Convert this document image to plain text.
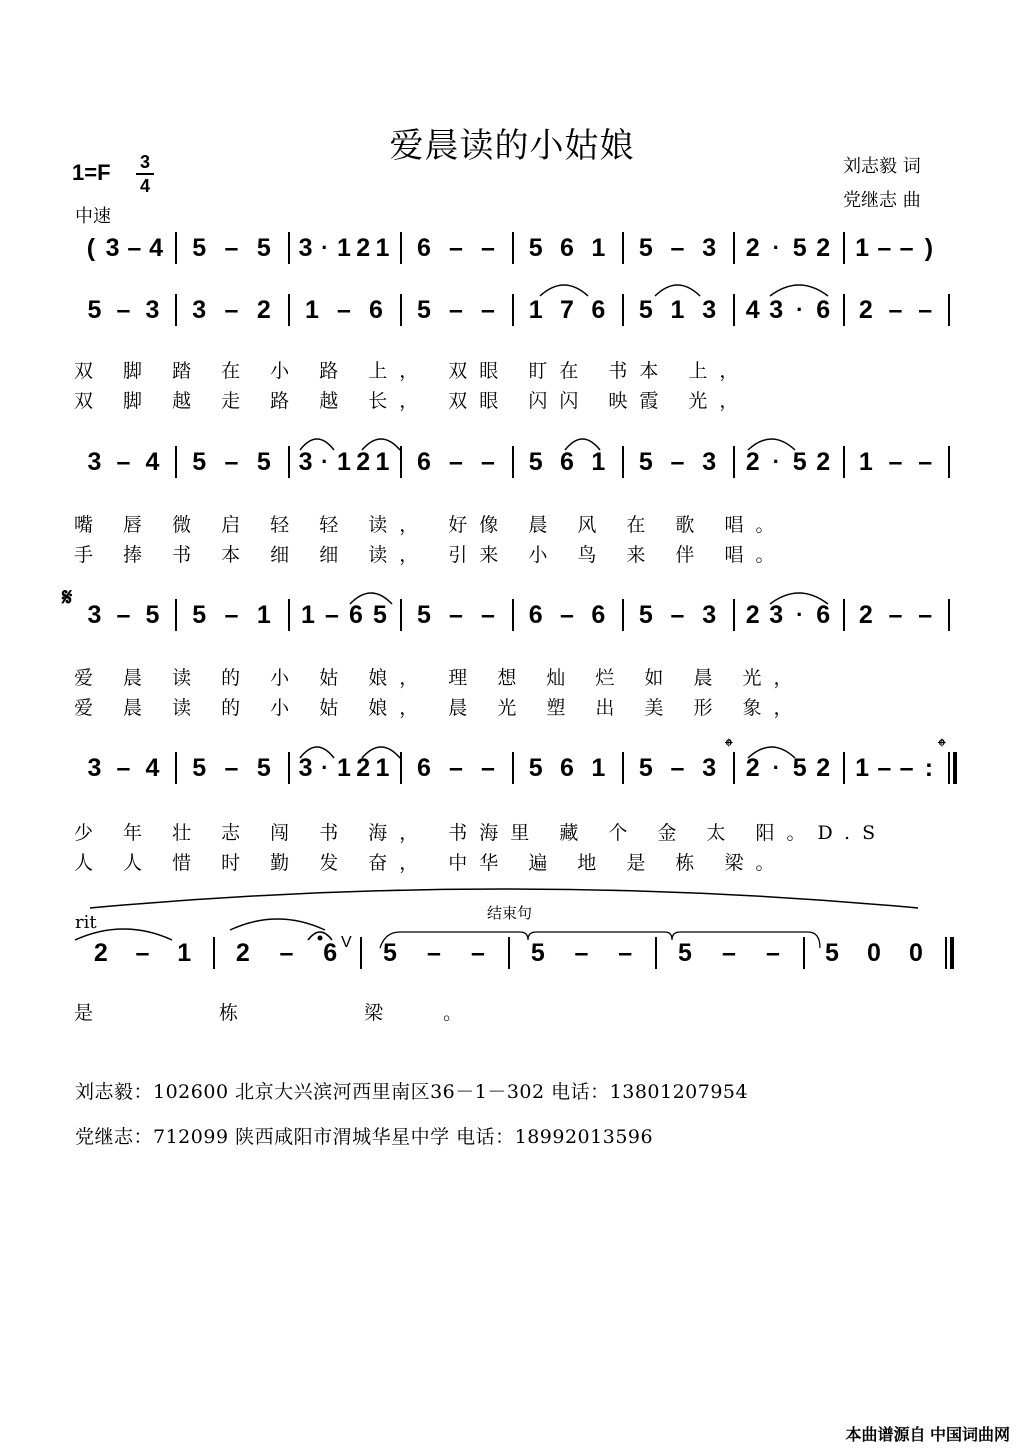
爱晨读的小姑娘
刘志毅 词
党继志 曲
1=F 3
4
中速
( 3 – 4 5 – 5 3 · 1 2 1 6 – – 5 6 1 5 – 3 2 · 5 2 1 – – )
5 – 3 3 – 2 1 – 6 5 – – 1 7 6 5 1 3 4 3 · 6 2 – –
双 脚 踏 在 小 路 上， 双眼 盯在 书本 上，
双 脚 越 走 路 越 长， 双眼 闪闪 映霞 光，
3 – 4 5 – 5 3 · 1 2 1 6 – – 5 6 1 5 – 3 2 · 5 2 1 – –
嘴 唇 微 启 轻 轻 读， 好像 晨 风 在 歌 唱。
手 捧 书 本 细 细 读， 引来 小 鸟 来 伴 唱。
3 – 5 5 – 1 1 – 6 5 5 – – 6 – 6 5 – 3 2 3 · 6 2 – –
爱 晨 读 的 小 姑 娘， 理 想 灿 烂 如 晨 光，
爱 晨 读 的 小 姑 娘， 晨 光 塑 出 美 形 象，
3 – 4 5 – 5 3 · 1 2 1 6 – – 5 6 1 5 – 3 2 · 5 2 1 – – :
少 年 壮 志 闯 书 海， 书海里 藏 个 金 太 阳。D.S
人 人 惜 时 勤 发 奋， 中华 遍 地 是 栋 梁。
2 – 1 2 – 6 5 – – 5 – – 5 – – 5 0 0
是 栋 梁。
𝄋
𝄌	𝄌
rit	结束句
V
刘志毅：102600 北京大兴滨河西里南区36－1－302 电话：13801207954
党继志：712099 陕西咸阳市渭城华星中学 电话：18992013596
本曲谱源自 中国词曲网
